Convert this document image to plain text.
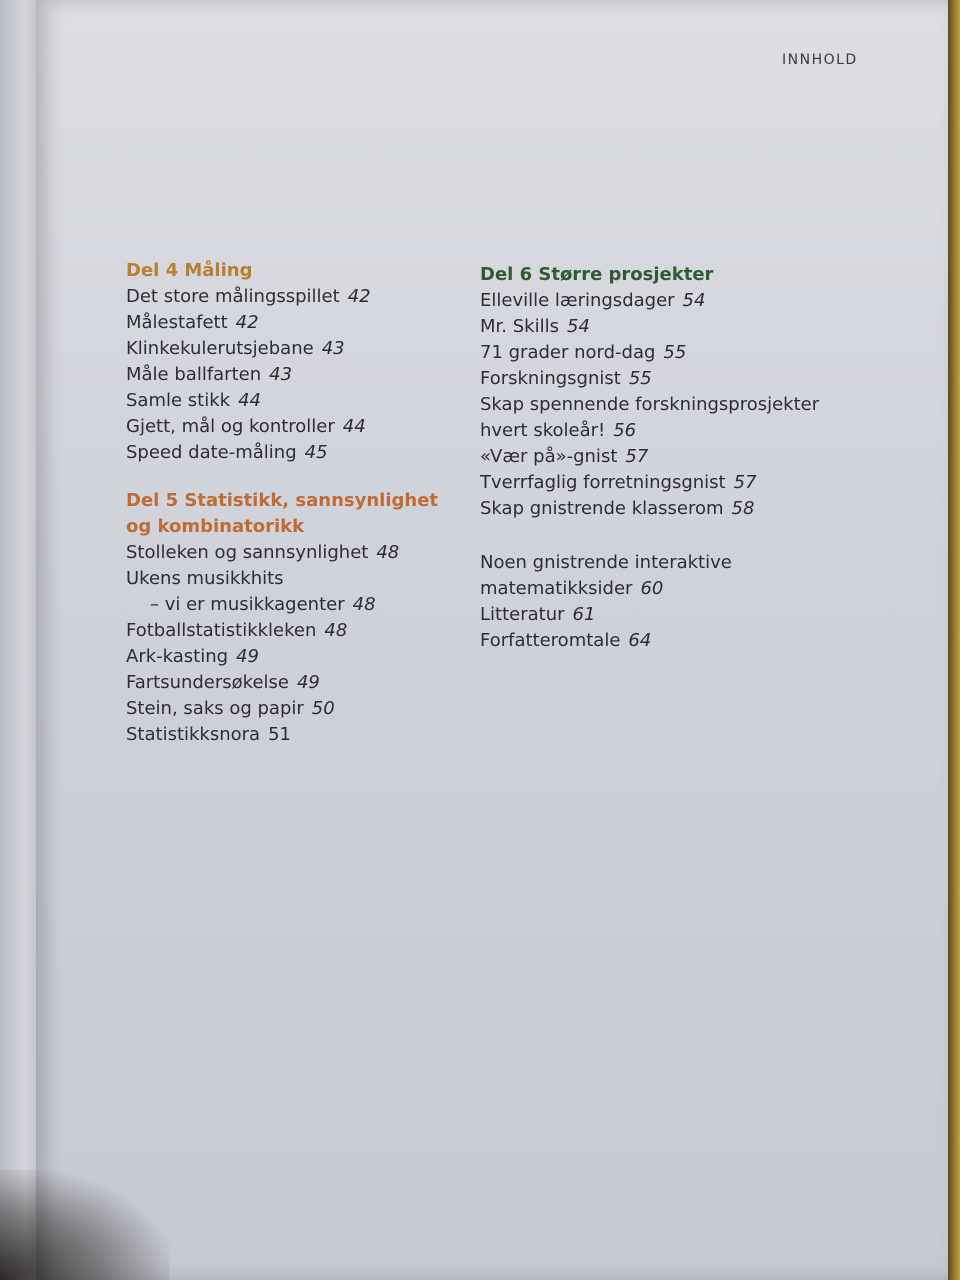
INNHOLD
Del 4 Måling
Det store målingsspillet 42
Målestafett 42
Klinkekulerutsjebane 43
Måle ballfarten 43
Samle stikk 44
Gjett, mål og kontroller 44
Speed date-måling 45
Del 5 Statistikk, sannsynlighet
og kombinatorikk
Stolleken og sannsynlighet 48
Ukens musikkhits
– vi er musikkagenter 48
Fotballstatistikkleken 48
Ark-kasting 49
Fartsundersøkelse 49
Stein, saks og papir 50
Statistikksnora 51
Del 6 Større prosjekter
Elleville læringsdager 54
Mr. Skills 54
71 grader nord-dag 55
Forskningsgnist 55
Skap spennende forskningsprosjekter
hvert skoleår! 56
«Vær på»-gnist 57
Tverrfaglig forretningsgnist 57
Skap gnistrende klasserom 58
Noen gnistrende interaktive
matematikksider 60
Litteratur 61
Forfatteromtale 64
